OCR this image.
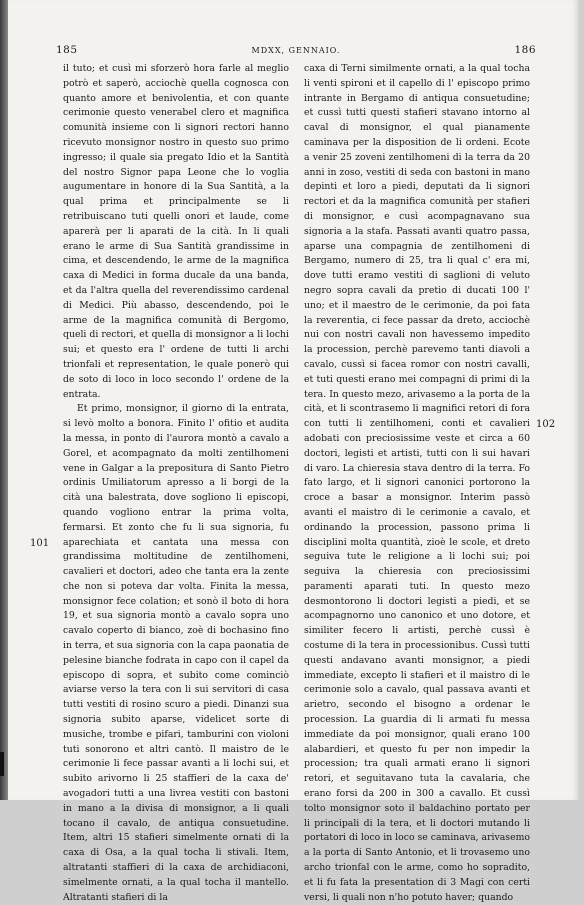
185	MDXX, GENNAIO.	186

il tuto; et cusì mi sforzerò hora farle al meglio potrò et saperò, acciochè quella cognosca con quanto amore et benivolentia, et con quante cerimonie questo venerabel clero et magnifica comunità insieme con li signori rectori hanno ricevuto monsignor nostro in questo suo primo ingresso; il quale sia pregato Idio et la Santità del nostro Signor papa Leone che lo voglia augumentare in honore di la Sua Santità, a la qual prima et principalmente se li retribuiscano tuti quelli onori et laude, come aparerà per li aparati de la cità. In li quali erano le arme di Sua Santità grandissime in cima, et descendendo, le arme de la magnifica caxa di Medici in forma ducale da una banda, et da l'altra quella del reverendissimo cardenal di Medici. Più abasso, descendendo, poi le arme de la magnifica comunità di Bergomo, queli di rectori, et quella di monsignor a li lochi sui; et questo era l' ordene de tutti li archi trionfali et representation, le quale ponerò qui de soto di loco in loco secondo l' ordene de la entrata.

Et primo, monsignor, il giorno di la entrata, si levò molto a bonora. Finito l' ofitio et audita la messa, in ponto di l'aurora montò a cavalo a Gorel, et acompagnato da molti zentilhomeni vene in Galgar a la prepositura di Santo Pietro ordinis Umiliatorum apresso a li borgi de la cità una balestrata, dove sogliono li episcopi, quando vogliono entrar la prima volta, fermarsi. Et zonto che fu li sua signoria, fu aparechiata et cantata una messa con grandissima moltitudine de zentilhomeni, cavalieri et doctori, adeo che tanta era la zente che non si poteva dar volta. Finita la messa, monsignor fece colation; et sonò il boto di hora 19, et sua signoria montò a cavalo sopra uno cavalo coperto di bianco, zoè di bochasino fino in terra, et sua signoria con la capa paonatia de pelesine bianche fodrata in capo con il capel da episcopo di sopra, et subito come cominciò aviarse verso la tera con li sui servitori di casa tutti vestiti di rosino scuro a piedi. Dinanzi sua signoria subito aparse, videlicet sorte di musiche, trombe e pifari, tamburini con violoni tuti sonorono et altri cantò. Il maistro de le cerimonie li fece passar avanti a li lochi sui, et subito arivorno li 25 staffieri de la caxa de' avogadori tutti a una livrea vestiti con bastoni in mano a la divisa di monsignor, a li quali tocano il cavalo, de antiqua consuetudine. Item, altri 15 stafieri simelmente ornati di la caxa di Osa, a la qual tocha li stivali. Item, altratanti staffieri di la caxa de archidiaconi, simelmente ornati, a la qual tocha il mantello. Altratanti stafieri di la

caxa di Terni similmente ornati, a la qual tocha li venti spironi et il capello di l' episcopo primo intrante in Bergamo di antiqua consuetudine; et cussì tutti questi stafieri stavano intorno al caval di monsignor, el qual pianamente caminava per la disposition de li ordeni. Ecote a venir 25 zoveni zentilhomeni di la terra da 20 anni in zoso, vestiti di seda con bastoni in mano depinti et loro a piedi, deputati da li signori rectori et da la magnifica comunità per stafieri di monsignor, e cusì acompagnavano sua signoria a la stafa. Passati avanti quatro passa, aparse una compagnia de zentilhomeni di Bergamo, numero di 25, tra li qual c' era mi, dove tutti eramo vestiti di saglioni di veluto negro sopra cavali da pretio di ducati 100 l' uno; et il maestro de le cerimonie, da poi fata la reverentia, ci fece passar da dreto, acciochè nui con nostri cavali non havessemo impedito la procession, perchè parevemo tanti diavoli a cavalo, cussì si facea romor con nostri cavalli, et tuti questi erano mei compagni di primi di la tera. In questo mezo, arivasemo a la porta de la cità, et li scontrasemo li magnifici retori di fora con tutti li zentilhomeni, conti et cavalieri adobati con preciosissime veste et circa a 60 doctori, legisti et artisti, tutti con li sui havari di varo. La chieresia stava dentro di la terra. Fo fato largo, et li signori canonici portorono la croce a basar a monsignor. Interim passò avanti el maistro di le cerimonie a cavalo, et ordinando la procession, passono prima li disciplini molta quantità, zioè le scole, et dreto seguiva tute le religione a li lochi sui; poi seguiva la chieresia con preciosissimi paramenti aparati tuti. In questo mezo desmontorono li doctori legisti a piedi, et se acompagnorno uno canonico et uno dotore, et similiter fecero li artisti, perchè cussì è costume di la tera in processionibus. Cussì tutti questi andavano avanti monsignor, a piedi immediate, excepto li stafieri et il maistro di le cerimonie solo a cavalo, qual passava avanti et arietro, secondo el bisogno a ordenar le procession. La guardia di li armati fu messa immediate da poi monsignor, quali erano 100 alabardieri, et questo fu per non impedir la procession; tra quali armati erano li signori retori, et seguitavano tuta la cavalaria, che erano forsi da 200 in 300 a cavallo. Et cussì tolto monsignor soto il baldachino portato per li principali di la tera, et li doctori mutando li portatori di loco in loco se caminava, arivasemo a la porta di Santo Antonio, et li trovasemo uno archo trionfal con le arme, como ho sopradito, et li fu fata la presentation di 3 Magi con certi versi, li quali non n'ho potuto haver; quando

101
102
